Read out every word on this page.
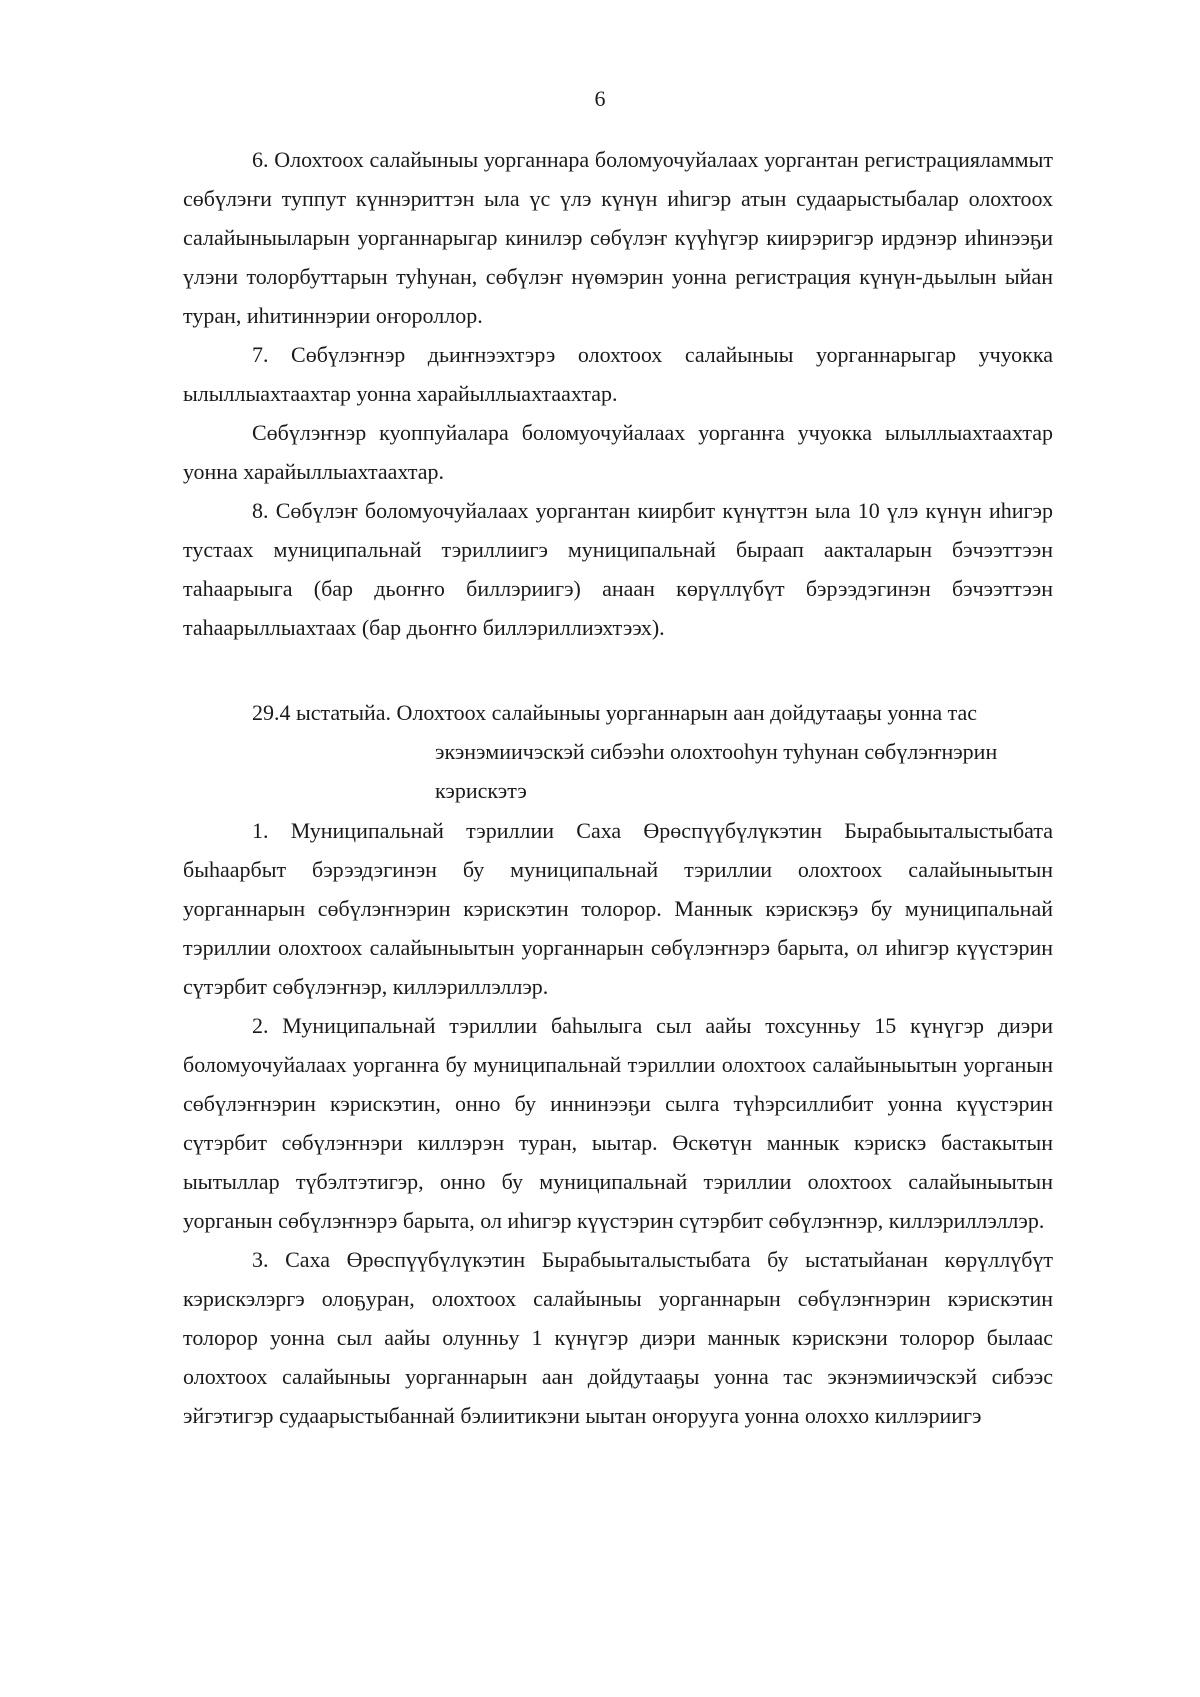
6

6. Олохтоох салайыныы уорганнара боломуочуйалаах уоргантан регистрацияламмыт сөбүлэҥи туппут күннэриттэн ыла үс үлэ күнүн иһигэр атын судаарыстыбалар олохтоох салайыныыларын уорганнарыгар кинилэр сөбүлэҥ күүһүгэр киирэригэр ирдэнэр иһинээҕи үлэни толорбуттарын туһунан, сөбүлэҥ нүөмэрин уонна регистрация күнүн-дьылын ыйан туран, иһитиннэрии оҥороллор.

7. Сөбүлэҥнэр дьиҥнээхтэрэ олохтоох салайыныы уорганнарыгар учуокка ылыллыахтаахтар уонна харайыллыахтаахтар.

Сөбүлэҥнэр куоппуйалара боломуочуйалаах уорганҥа учуокка ылыллыахтаахтар уонна харайыллыахтаахтар.

8. Сөбүлэҥ боломуочуйалаах уоргантан киирбит күнүттэн ыла 10 үлэ күнүн иһигэр тустаах муниципальнай тэриллиигэ муниципальнай быраап аакталарын бэчээттээн таһаарыыга (бар дьоҥҥо биллэриигэ) анаан көрүллүбүт бэрээдэгинэн бэчээттээн таһаарыллыахтаах (бар дьоҥҥо биллэриллиэхтээх).

29.4 ыстатыйа. Олохтоох салайыныы уорганнарын аан дойдутааҕы уонна тас
экэнэмиичэскэй сибээһи олохтооһун туһунан сөбүлэҥнэрин
кэрискэтэ

1. Муниципальнай тэриллии Саха Өрөспүүбүлүкэтин Бырабыыталыстыбата быһаарбыт бэрээдэгинэн бу муниципальнай тэриллии олохтоох салайыныытын уорганнарын сөбүлэҥнэрин кэрискэтин толорор. Маннык кэрискэҕэ бу муниципальнай тэриллии олохтоох салайыныытын уорганнарын сөбүлэҥнэрэ барыта, ол иһигэр күүстэрин сүтэрбит сөбүлэҥнэр, киллэриллэллэр.

2. Муниципальнай тэриллии баһылыга сыл аайы тохсунньу 15 күнүгэр диэри боломуочуйалаах уорганҥа бу муниципальнай тэриллии олохтоох салайыныытын уорганын сөбүлэҥнэрин кэрискэтин, онно бу иннинээҕи сылга түһэрсиллибит уонна күүстэрин сүтэрбит сөбүлэҥнэри киллэрэн туран, ыытар. Өскөтүн маннык кэрискэ бастакытын ыытыллар түбэлтэтигэр, онно бу муниципальнай тэриллии олохтоох салайыныытын уорганын сөбүлэҥнэрэ барыта, ол иһигэр күүстэрин сүтэрбит сөбүлэҥнэр, киллэриллэллэр.

3. Саха Өрөспүүбүлүкэтин Бырабыыталыстыбата бу ыстатыйанан көрүллүбүт кэрискэлэргэ олоҕуран, олохтоох салайыныы уорганнарын сөбүлэҥнэрин кэрискэтин толорор уонна сыл аайы олунньу 1 күнүгэр диэри маннык кэрискэни толорор былаас олохтоох салайыныы уорганнарын аан дойдутааҕы уонна тас экэнэмиичэскэй сибээс эйгэтигэр судаарыстыбаннай бэлиитикэни ыытан оҥорууга уонна олоххо киллэриигэ
